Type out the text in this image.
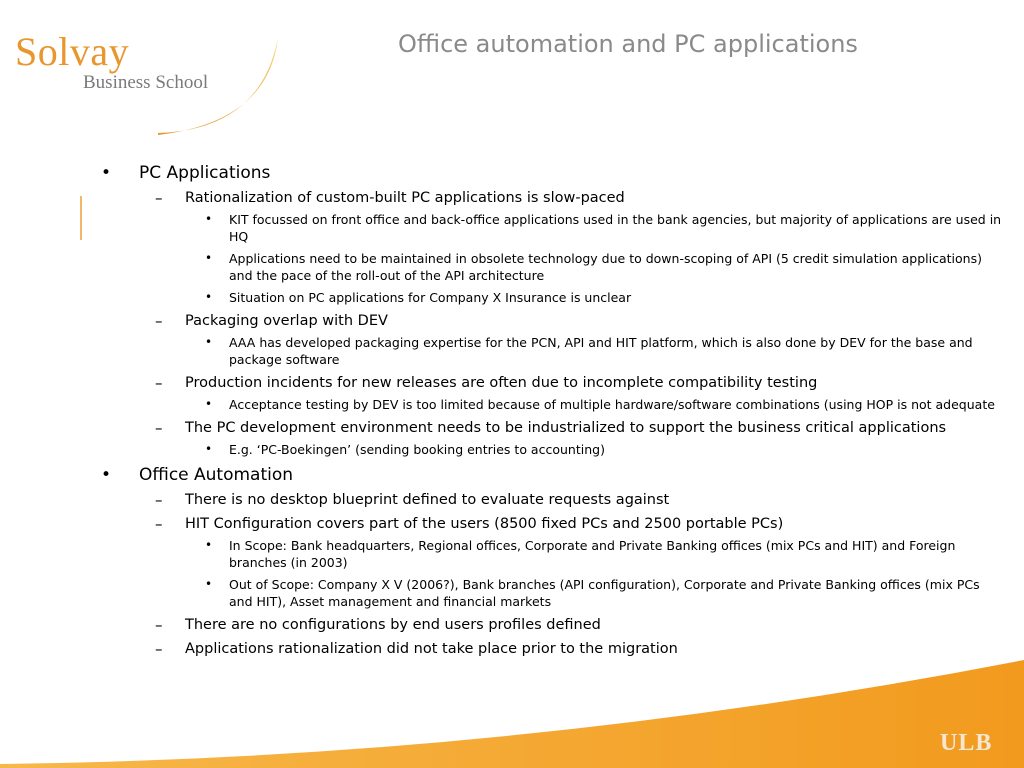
Solvay
Business School
Office automation and PC applications
• PC Applications
– Rationalization of custom-built PC applications is slow-paced
• KIT focussed on front office and back-office applications used in the bank agencies, but majority of applications are used in HQ
• Applications need to be maintained in obsolete technology due to down-scoping of API (5 credit simulation applications) and the pace of the roll-out of the API architecture
• Situation on PC applications for Company X Insurance is unclear
– Packaging overlap with DEV
• AAA has developed packaging expertise for the PCN, API and HIT platform, which is also done by DEV for the base and package software
– Production incidents for new releases are often due to incomplete compatibility testing
• Acceptance testing by DEV is too limited because of multiple hardware/software combinations (using HOP is not adequate
– The PC development environment needs to be industrialized to support the business critical applications
• E.g. ‘PC-Boekingen’ (sending booking entries to accounting)
• Office Automation
– There is no desktop blueprint defined to evaluate requests against
– HIT Configuration covers part of the users (8500 fixed PCs and 2500 portable PCs)
• In Scope: Bank headquarters, Regional offices, Corporate and Private Banking offices (mix PCs and HIT) and Foreign branches (in 2003)
• Out of Scope: Company X V (2006?), Bank branches (API configuration), Corporate and Private Banking offices (mix PCs and HIT), Asset management and financial markets
– There are no configurations by end users profiles defined
– Applications rationalization did not take place prior to the migration
ULB
